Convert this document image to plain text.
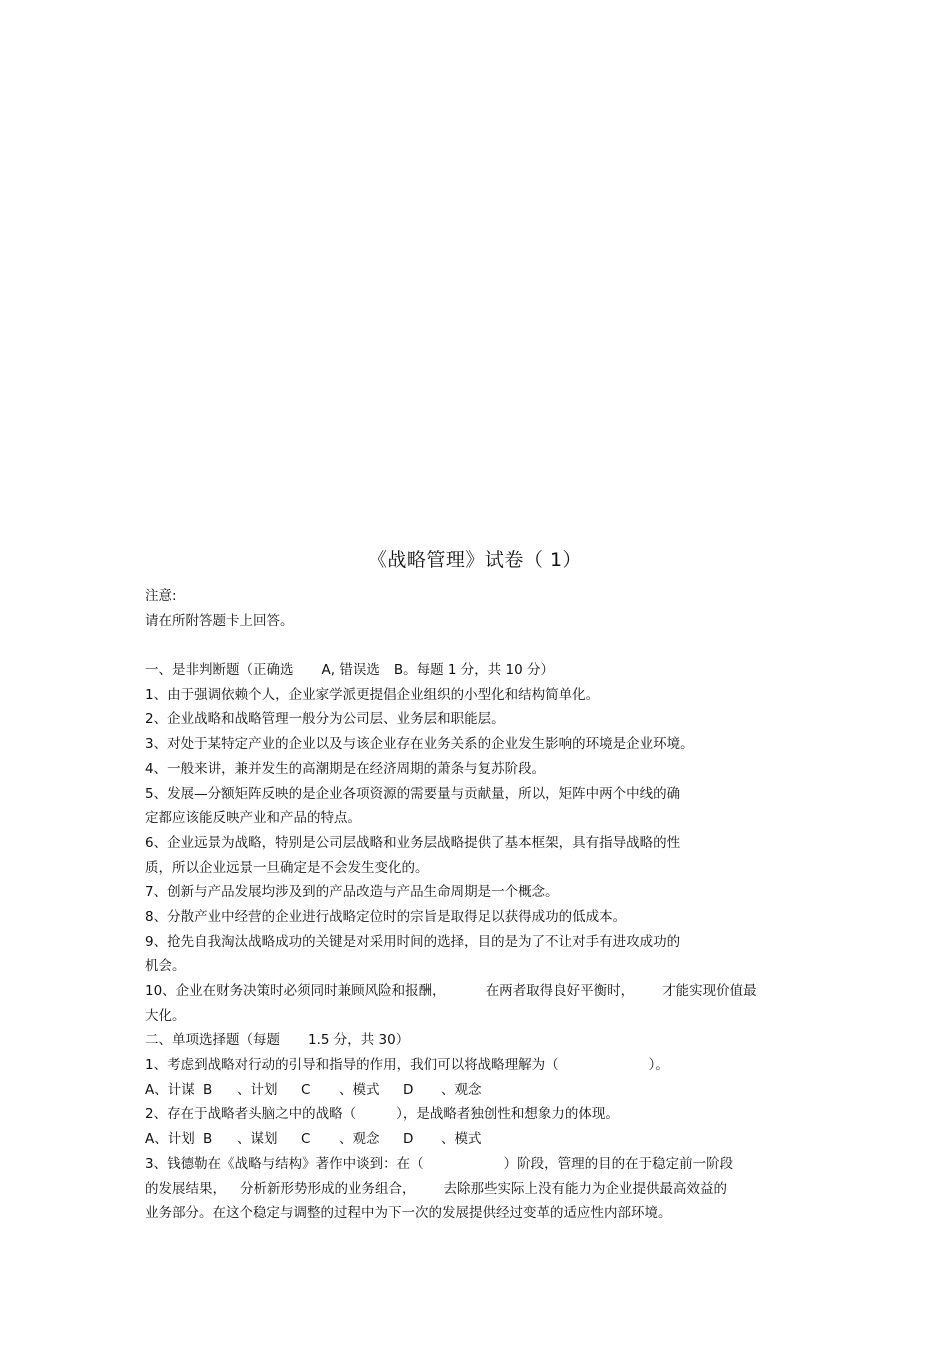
《战略管理》试卷（ 1）
注意:
请在所附答题卡上回答。
一、是非判断题（正确选 A, 错误选 B。每题 1 分，共 10 分）
1、由于强调依赖个人，企业家学派更提倡企业组织的小型化和结构简单化。
2、企业战略和战略管理一般分为公司层、业务层和职能层。
3、对处于某特定产业的企业以及与该企业存在业务关系的企业发生影响的环境是企业环境。
4、一般来讲，兼并发生的高潮期是在经济周期的萧条与复苏阶段。
5、发展—分额矩阵反映的是企业各项资源的需要量与贡献量，所以，矩阵中两个中线的确
定都应该能反映产业和产品的特点。
6、企业远景为战略，特别是公司层战略和业务层战略提供了基本框架，具有指导战略的性
质，所以企业远景一旦确定是不会发生变化的。
7、创新与产品发展均涉及到的产品改造与产品生命周期是一个概念。
8、分散产业中经营的企业进行战略定位时的宗旨是取得足以获得成功的低成本。
9、抢先自我淘汰战略成功的关键是对采用时间的选择，目的是为了不让对手有进攻成功的
机会。
10、企业在财务决策时必须同时兼顾风险和报酬，	在两者取得良好平衡时， 才能实现价值最
大化。
二、单项选择题（每题 1.5 分，共 30）
1、考虑到战略对行动的引导和指导的作用，我们可以将战略理解为（	）。
A、计谋 B 、计划 C 、模式 D 、观念
2、存在于战略者头脑之中的战略（	），是战略者独创性和想象力的体现。
A、计划 B 、谋划 C 、观念 D 、模式
3、钱德勒在《战略与结构》著作中谈到：在（	）阶段，管理的目的在于稳定前一阶段
的发展结果， 分析新形势形成的业务组合， 去除那些实际上没有能力为企业提供最高效益的
业务部分。在这个稳定与调整的过程中为下一次的发展提供经过变革的适应性内部环境。
